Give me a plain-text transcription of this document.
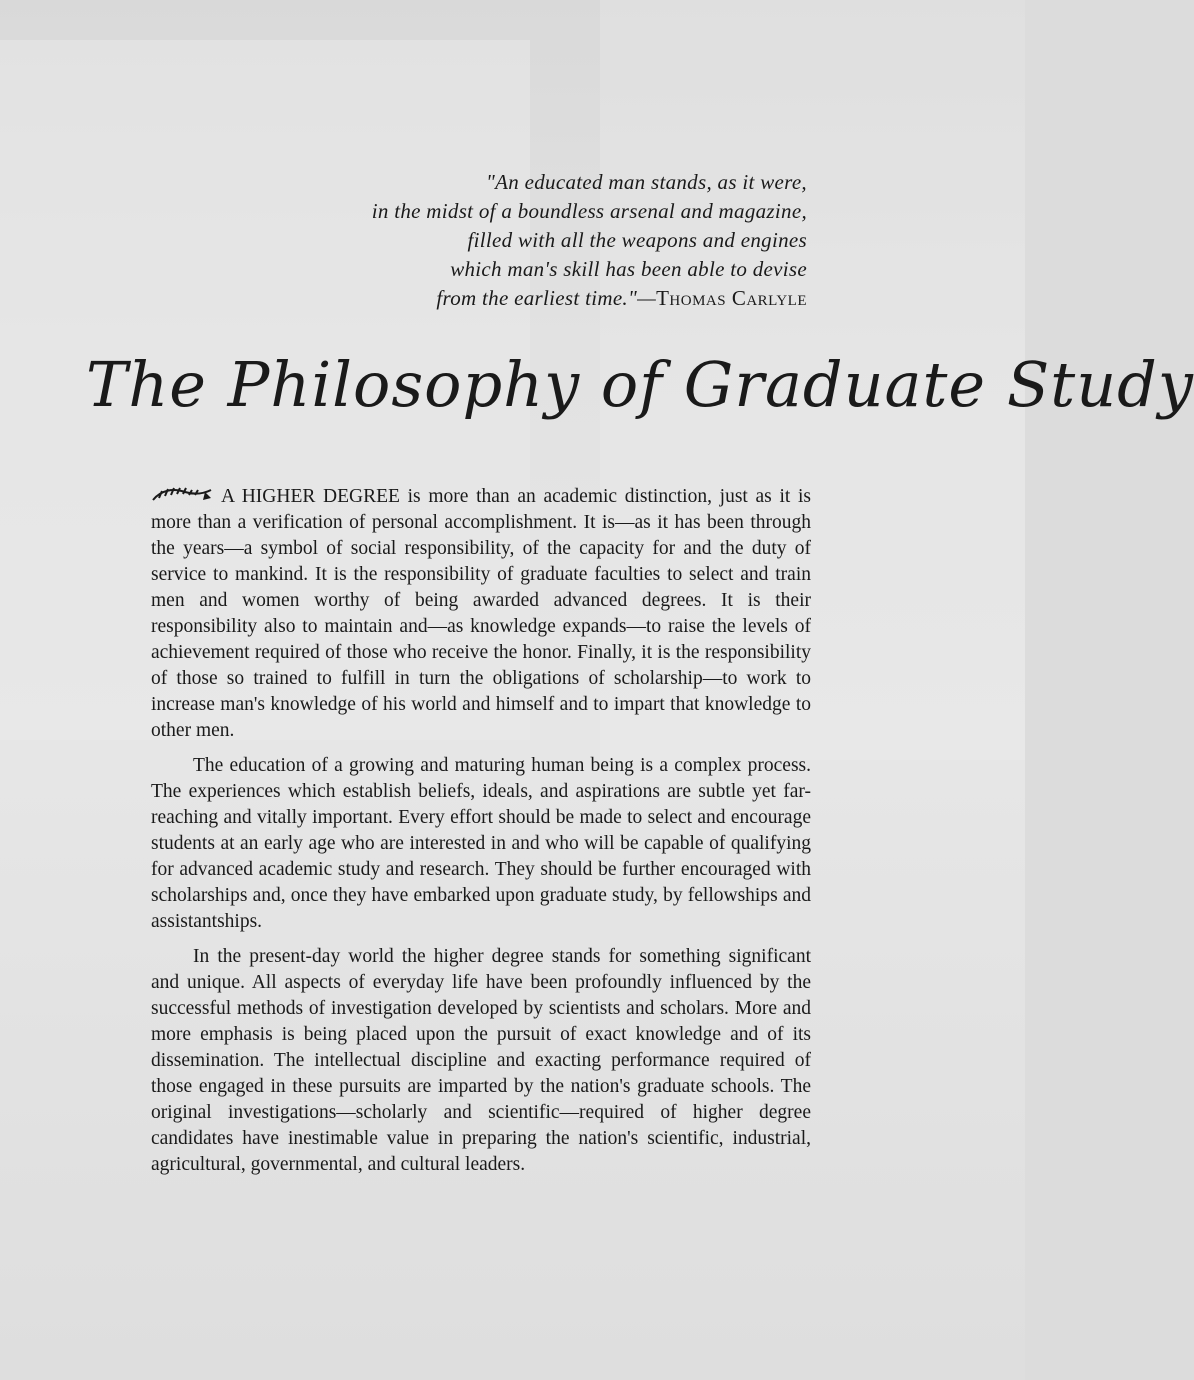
"An educated man stands, as it were,
in the midst of a boundless arsenal and magazine,
filled with all the weapons and engines
which man's skill has been able to devise
from the earliest time."—Thomas Carlyle
The Philosophy of Graduate Study

A HIGHER DEGREE is more than an academic distinction, just as it is more than a verification of personal accomplishment. It is—as it has been through the years—a symbol of social responsibility, of the capacity for and the duty of service to mankind. It is the responsibility of graduate faculties to select and train men and women worthy of being awarded advanced degrees. It is their responsibility also to maintain and—as knowledge expands—to raise the levels of achievement required of those who receive the honor. Finally, it is the responsibility of those so trained to fulfill in turn the obligations of scholarship—to work to increase man's knowledge of his world and himself and to impart that knowledge to other men.

The education of a growing and maturing human being is a complex process. The experiences which establish beliefs, ideals, and aspirations are subtle yet far-reaching and vitally important. Every effort should be made to select and encourage students at an early age who are interested in and who will be capable of qualifying for advanced academic study and research. They should be further encouraged with scholarships and, once they have embarked upon graduate study, by fellowships and assistantships.

In the present-day world the higher degree stands for something significant and unique. All aspects of everyday life have been profoundly influenced by the successful methods of investigation developed by scientists and scholars. More and more emphasis is being placed upon the pursuit of exact knowledge and of its dissemination. The intellectual discipline and exacting performance required of those engaged in these pursuits are imparted by the nation's graduate schools. The original investigations—scholarly and scientific—required of higher degree candidates have inestimable value in preparing the nation's scientific, industrial, agricultural, governmental, and cultural leaders.
